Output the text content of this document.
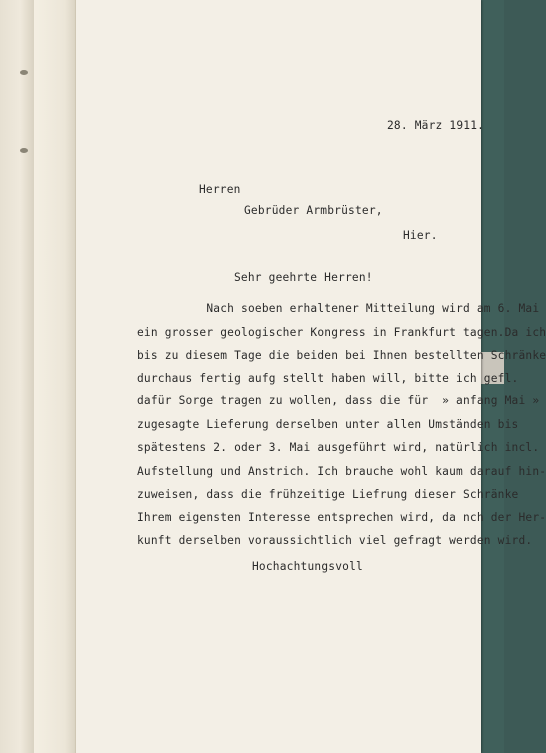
28. März 1911.
Herren
Gebrüder Armbrüster,
Hier.
Sehr geehrte Herren!
Nach soeben erhaltener Mitteilung wird am 6. Mai
ein grosser geologischer Kongress in Frankfurt tagen.Da ich
bis zu diesem Tage die beiden bei Ihnen bestellten Schränke
durchaus fertig aufg stellt haben will, bitte ich gefl.
dafür Sorge tragen zu wollen, dass die für  » anfang Mai »
zugesagte Lieferung derselben unter allen Umständen bis
spätestens 2. oder 3. Mai ausgeführt wird, natürlich incl.
Aufstellung und Anstrich. Ich brauche wohl kaum darauf hin-
zuweisen, dass die frühzeitige Liefrung dieser Schränke
Ihrem eigensten Interesse entsprechen wird, da nch der Her-
kunft derselben voraussichtlich viel gefragt werden wird.
Hochachtungsvoll
